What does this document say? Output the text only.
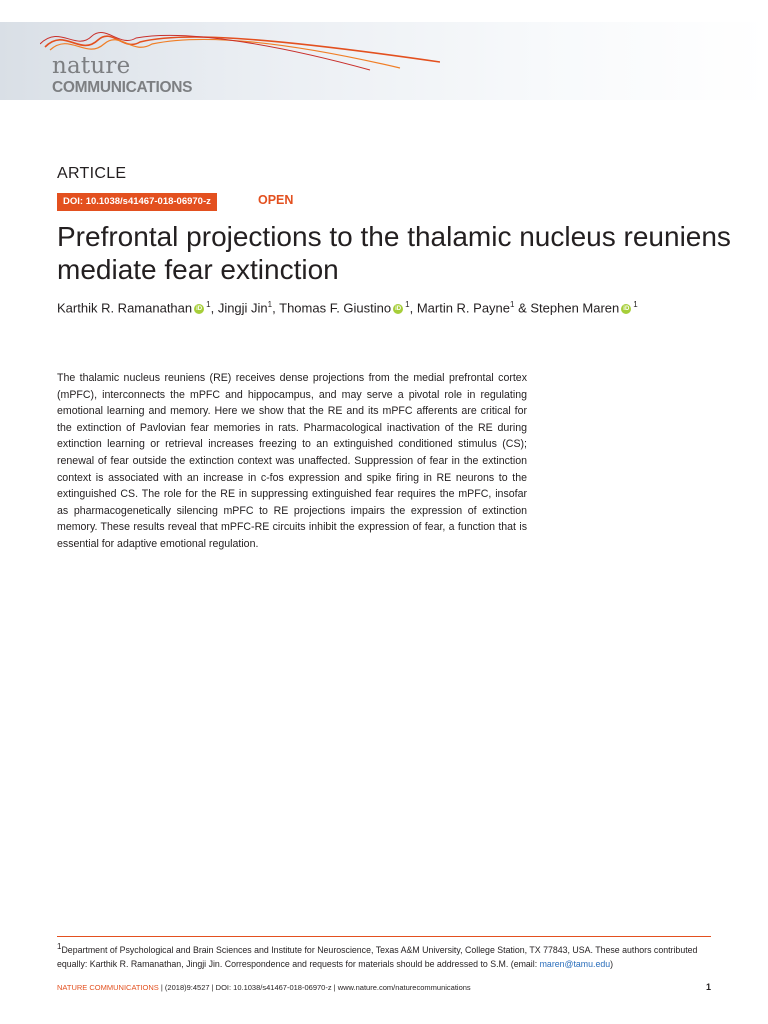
nature
COMMUNICATIONS
ARTICLE
DOI: 10.1038/s41467-018-06970-z	OPEN
Prefrontal projections to the thalamic nucleus reuniens mediate fear extinction
Karthik R. Ramanathan iD $^1$, Jingji Jin$^1$, Thomas F. Giustino iD $^1$, Martin R. Payne$^1$ & Stephen Maren iD $^1$

The thalamic nucleus reuniens (RE) receives dense projections from the medial prefrontal cortex (mPFC), interconnects the mPFC and hippocampus, and may serve a pivotal role in regulating emotional learning and memory. Here we show that the RE and its mPFC afferents are critical for the extinction of Pavlovian fear memories in rats. Pharmacological inactivation of the RE during extinction learning or retrieval increases freezing to an extinguished conditioned stimulus (CS); renewal of fear outside the extinction context was unaffected. Suppression of fear in the extinction context is associated with an increase in c-fos expression and spike firing in RE neurons to the extinguished CS. The role for the RE in suppressing extinguished fear requires the mPFC, insofar as pharmacogenetically silencing mPFC to RE projections impairs the expression of extinction memory. These results reveal that mPFC-RE circuits inhibit the expression of fear, a function that is essential for adaptive emotional regulation.

$^1$Department of Psychological and Brain Sciences and Institute for Neuroscience, Texas A&M University, College Station, TX 77843, USA. These authors contributed equally: Karthik R. Ramanathan, Jingji Jin. Correspondence and requests for materials should be addressed to S.M. (email: maren@tamu.edu)
NATURE COMMUNICATIONS | (2018)9:4527 | DOI: 10.1038/s41467-018-06970-z | www.nature.com/naturecommunications	1
